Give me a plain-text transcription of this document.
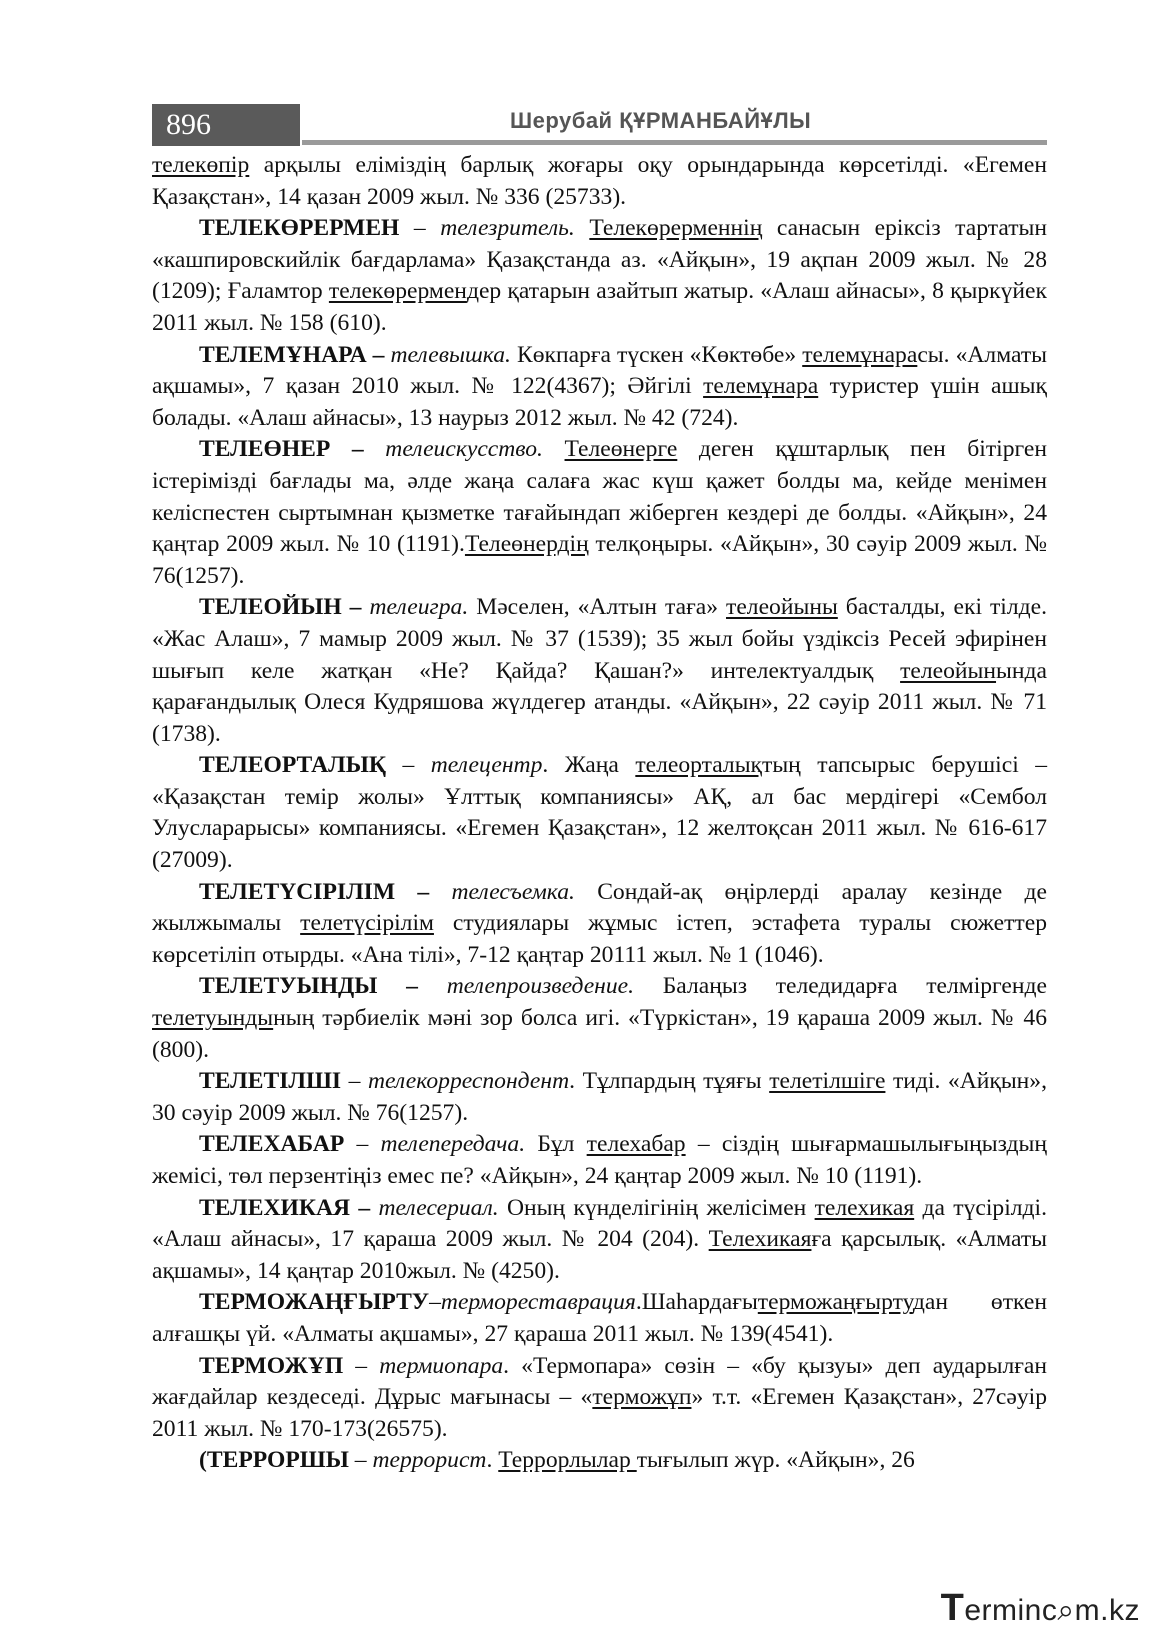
896	Шерубай ҚҰРМАНБАЙҰЛЫ

телекөпір арқылы еліміздің барлық жоғары оқу орындарында көрсетілді. «Егемен Қазақстан», 14 қазан 2009 жыл. № 336 (25733).

ТЕЛЕКӨРЕРМЕН – телезритель. Телекөрерменнің санасын еріксіз тартатын «кашпировскийлік бағдарлама» Қазақстанда аз. «Айқын», 19 ақпан 2009 жыл. № 28 (1209); Ғаламтор телекөрермендер қатарын азайтып жатыр. «Алаш айнасы», 8 қыркүйек 2011 жыл. № 158 (610).

ТЕЛЕМҰНАРА – телевышка. Көкпарға түскен «Көктөбе» телемұнарасы. «Алматы ақшамы», 7 қазан 2010 жыл. № 122(4367); Әйгілі телемұнара туристер үшін ашық болады. «Алаш айнасы», 13 наурыз 2012 жыл. № 42 (724).

ТЕЛЕӨНЕР – телеискусство. Телеөнерге деген құштарлық пен бітірген істерімізді бағлады ма, әлде жаңа салаға жас күш қажет болды ма, кейде менімен келіспестен сыртымнан қызметке тағайындап жіберген кездері де болды. «Айқын», 24 қаңтар 2009 жыл. № 10 (1191).Телеөнердің телқоңыры. «Айқын», 30 сәуір 2009 жыл. № 76(1257).

ТЕЛЕОЙЫН – телеигра. Мәселен, «Алтын таға» телеойыны басталды, екі тілде. «Жас Алаш», 7 мамыр 2009 жыл. № 37 (1539); 35 жыл бойы үздіксіз Ресей эфирінен шығып келе жатқан «Не? Қайда? Қашан?» интелектуалдық телеойынында қарағандылық Олеся Кудряшова жүлдегер атанды. «Айқын», 22 сәуір 2011 жыл. № 71 (1738).

ТЕЛЕОРТАЛЫҚ – телецентр. Жаңа телеорталықтың тапсырыс берушісі – «Қазақстан темір жолы» Ұлттық компаниясы» АҚ, ал бас мердігері «Сембол Улусларарысы» компаниясы. «Егемен Қазақстан», 12 желтоқсан 2011 жыл. № 616-617 (27009).

ТЕЛЕТҮСІРІЛІМ – телесъемка. Сондай-ақ өңірлерді аралау кезінде де жылжымалы телетүсірілім студиялары жұмыс істеп, эстафета туралы сюжеттер көрсетіліп отырды. «Ана тілі», 7-12 қаңтар 20111 жыл. № 1 (1046).

ТЕЛЕТУЫНДЫ – телепроизведение. Балаңыз теледидарға телміргенде телетуындының тәрбиелік мәні зор болса игі. «Түркістан», 19 қараша 2009 жыл. № 46 (800).

ТЕЛЕТІЛШІ – телекорреспондент. Тұлпардың тұяғы телетілшіге тиді. «Айқын», 30 сәуір 2009 жыл. № 76(1257).

ТЕЛЕХАБАР – телепередача. Бұл телехабар – сіздің шығармашылығыңыздың жемісі, төл перзентіңіз емес пе? «Айқын», 24 қаңтар 2009 жыл. № 10 (1191).

ТЕЛЕХИКАЯ – телесериал. Оның күнделігінің желісімен телехикая да түсірілді. «Алаш айнасы», 17 қараша 2009 жыл. № 204 (204). Телехикаяға қарсылық. «Алматы ақшамы», 14 қаңтар 2010жыл. № (4250).

ТЕРМОЖАҢҒЫРТУ–термореставрация.Шаһардағытерможаңғыртудан өткен алғашқы үй. «Алматы ақшамы», 27 қараша 2011 жыл. № 139(4541).

ТЕРМОЖҰП – термиопара. «Термопара» сөзін – «бу қызуы» деп аударылған жағдайлар кездеседі. Дұрыс мағынасы – «терможұп» т.т. «Егемен Қазақстан», 27сәуір 2011 жыл. № 170-173(26575).

(ТЕРРОРШЫ – террорист. Террорлылар тығылып жүр. «Айқын», 26

Terminc⌕m.kz
